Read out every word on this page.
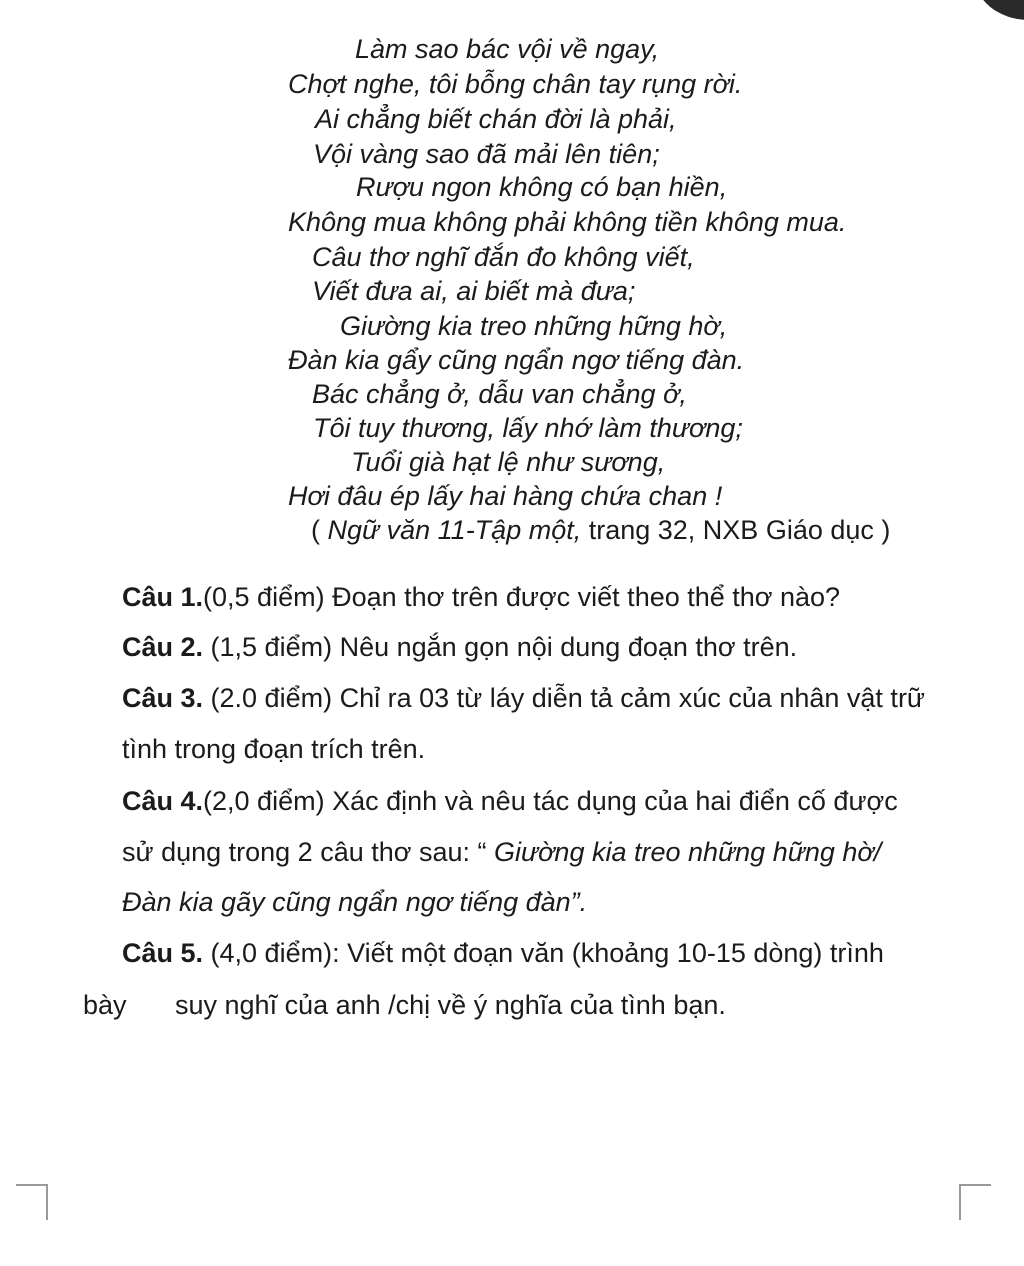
Làm sao bác vội về ngay,
Chợt nghe, tôi bỗng chân tay rụng rời.
Ai chẳng biết chán đời là phải,
Vội vàng sao đã mải lên tiên;
Rượu ngon không có bạn hiền,
Không mua không phải không tiền không mua.
Câu thơ nghĩ đắn đo không viết,
Viết đưa ai, ai biết mà đưa;
Giường kia treo những hững hờ,
Đàn kia gẩy cũng ngẩn ngơ tiếng đàn.
Bác chẳng ở, dẫu van chẳng ở,
Tôi tuy thương, lấy nhớ làm thương;
Tuổi già hạt lệ như sương,
Hơi đâu ép lấy hai hàng chứa chan !
( Ngữ văn 11-Tập một, trang 32, NXB Giáo dục )
Câu 1.(0,5 điểm) Đoạn thơ trên được viết theo thể thơ nào?
Câu 2. (1,5 điểm) Nêu ngắn gọn nội dung đoạn thơ trên.
Câu 3. (2.0 điểm) Chỉ ra 03 từ láy diễn tả cảm xúc của nhân vật trữ
tình trong đoạn trích trên.
Câu 4.(2,0 điểm) Xác định và nêu tác dụng của hai điển cố được
sử dụng trong 2 câu thơ sau: “ Giường kia treo những hững hờ/
Đàn kia gãy cũng ngẩn ngơ tiếng đàn”.
Câu 5. (4,0 điểm): Viết một đoạn văn (khoảng 10-15 dòng) trình
bày suy nghĩ của anh /chị về ý nghĩa của tình bạn.
